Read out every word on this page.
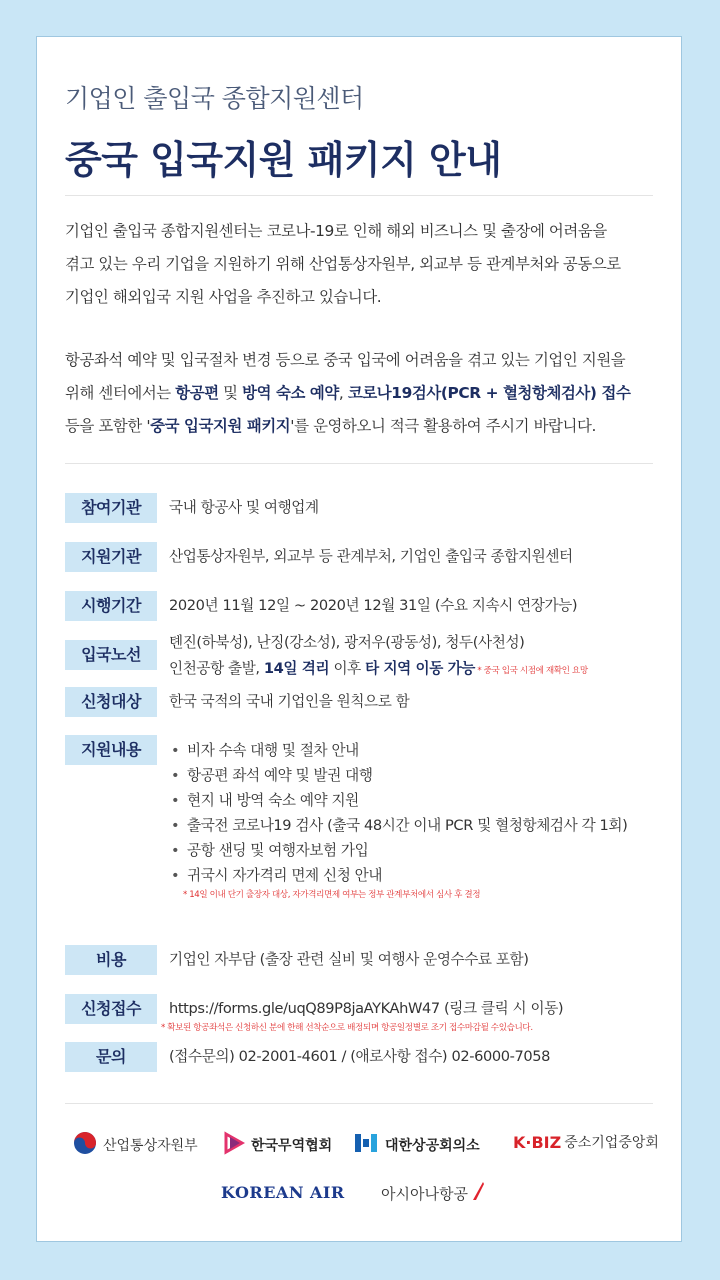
기업인 출입국 종합지원센터
중국 입국지원 패키지 안내
기업인 출입국 종합지원센터는 코로나-19로 인해 해외 비즈니스 및 출장에 어려움을
겪고 있는 우리 기업을 지원하기 위해 산업통상자원부, 외교부 등 관계부처와 공동으로
기업인 해외입국 지원 사업을 추진하고 있습니다.
항공좌석 예약 및 입국절차 변경 등으로 중국 입국에 어려움을 겪고 있는 기업인 지원을
위해 센터에서는 항공편 및 방역 숙소 예약, 코로나19검사(PCR + 혈청항체검사) 접수
등을 포함한 '중국 입국지원 패키지'를 운영하오니 적극 활용하여 주시기 바랍니다.
참여기관	국내 항공사 및 여행업계
지원기관	산업통상자원부, 외교부 등 관계부처, 기업인 출입국 종합지원센터
시행기간	2020년 11월 12일 ~ 2020년 12월 31일 (수요 지속시 연장가능)
입국노선
톈진(하북성), 난징(강소성), 광저우(광동성), 청두(사천성)
인천공항 출발, 14일 격리 이후 타 지역 이동 가능 * 중국 입국 시점에 재확인 요망
신청대상	한국 국적의 국내 기업인을 원칙으로 함
지원내용
•	비자 수속 대행 및 절차 안내
• 항공편 좌석 예약 및 발권 대행
• 현지 내 방역 숙소 예약 지원
• 출국전 코로나19 검사 (출국 48시간 이내 PCR 및 혈청항체검사 각 1회)
• 공항 샌딩 및 여행자보험 가입
• 귀국시 자가격리 면제 신청 안내
* 14일 이내 단기 출장자 대상, 자가격리면제 여부는 정부 관계부처에서 심사 후 결정
비용	기업인 자부담 (출장 관련 실비 및 여행사 운영수수료 포함)
신청접수	https://forms.gle/uqQ89P8jaAYKAhW47 (링크 클릭 시 이동)
* 확보된 항공좌석은 신청하신 분에 한해 선착순으로 배정되며 항공일정별로 조기 접수마감될 수있습니다.
문의	(접수문의) 02-2001-4601 / (애로사항 접수) 02-6000-7058
산업통상자원부	한국무역협회	대한상공회의소 K·BIZ 중소기업중앙회
KOREAN AIR 아시아나항공
